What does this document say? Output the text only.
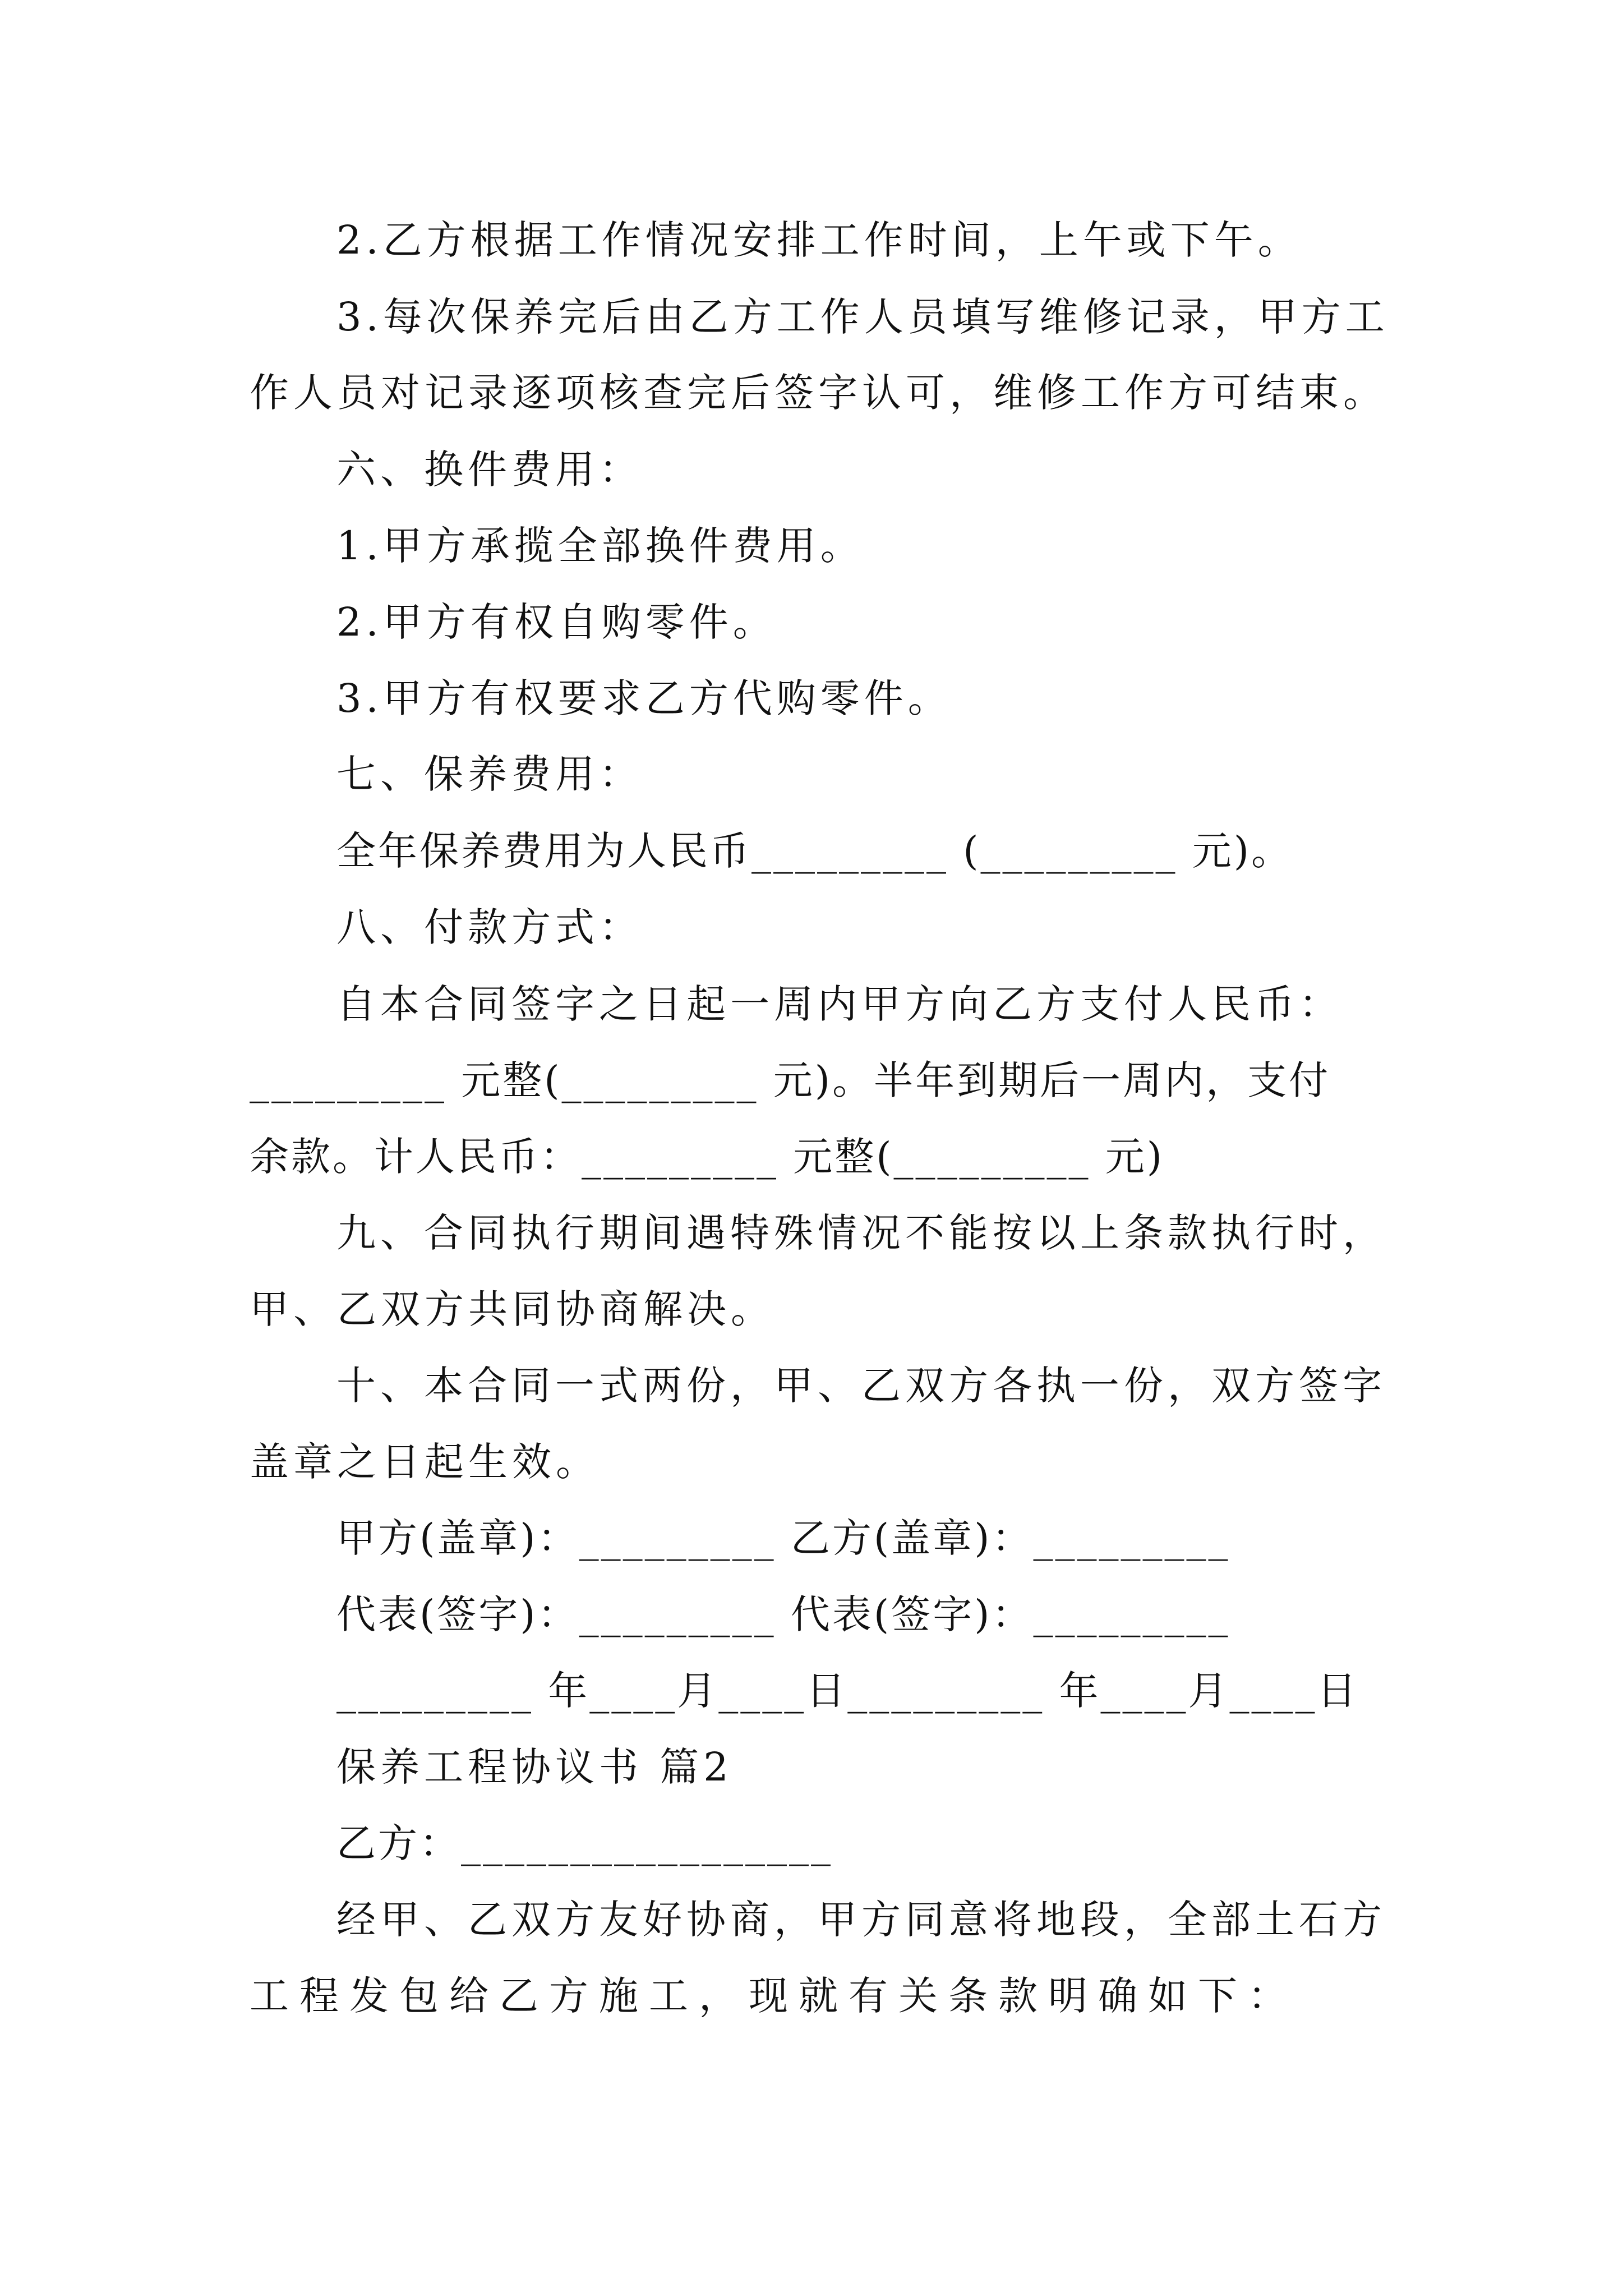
2.乙方根据工作情况安排工作时间，上午或下午。
3.每次保养完后由乙方工作人员填写维修记录，甲方工
作人员对记录逐项核查完后签字认可，维修工作方可结束。
六、换件费用：
1.甲方承揽全部换件费用。
2.甲方有权自购零件。
3.甲方有权要求乙方代购零件。
七、保养费用：
全年保养费用为人民币_________ (_________ 元)。
八、付款方式：
自本合同签字之日起一周内甲方向乙方支付人民币：
_________ 元整(_________ 元)。半年到期后一周内，支付
余款。计人民币：_________ 元整(_________ 元)
九、合同执行期间遇特殊情况不能按以上条款执行时，
甲、乙双方共同协商解决。
十、本合同一式两份，甲、乙双方各执一份，双方签字
盖章之日起生效。
甲方(盖章)：_________ 乙方(盖章)：_________
代表(签字)：_________ 代表(签字)：_________
_________ 年____月____日_________ 年____月____日
保养工程协议书 篇2
乙方：_________________
经甲、乙双方友好协商，甲方同意将地段，全部土石方
工程发包给乙方施工，现就有关条款明确如下：
